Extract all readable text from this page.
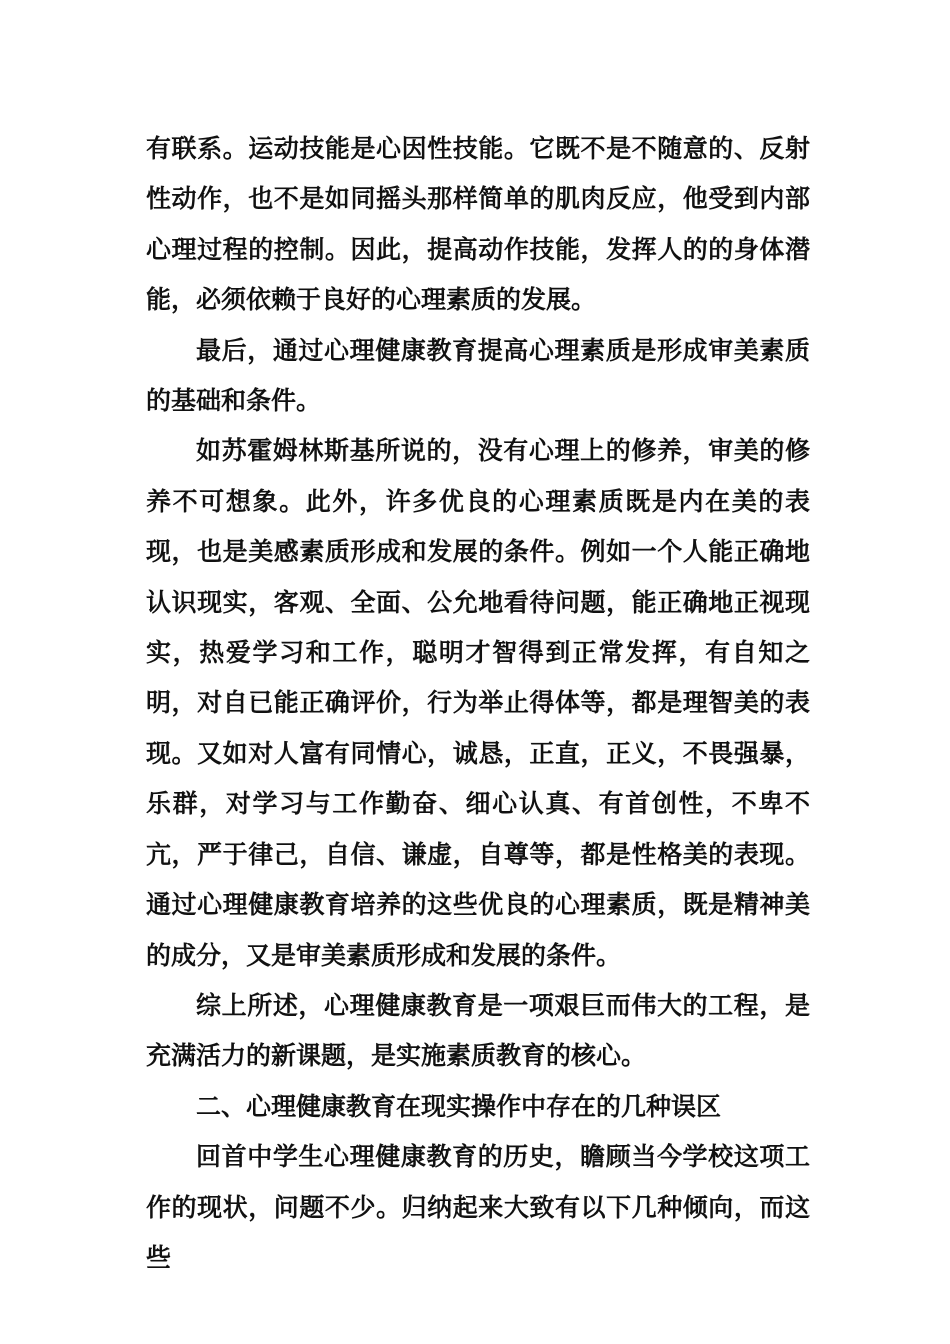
有联系。运动技能是心因性技能。它既不是不随意的、反射性动作，也不是如同摇头那样简单的肌肉反应，他受到内部心理过程的控制。因此，提高动作技能，发挥人的的身体潜能，必须依赖于良好的心理素质的发展。

最后，通过心理健康教育提高心理素质是形成审美素质的基础和条件。

如苏霍姆林斯基所说的，没有心理上的修养，审美的修养不可想象。此外，许多优良的心理素质既是内在美的表现，也是美感素质形成和发展的条件。例如一个人能正确地认识现实，客观、全面、公允地看待问题，能正确地正视现实，热爱学习和工作，聪明才智得到正常发挥，有自知之明，对自已能正确评价，行为举止得体等，都是理智美的表现。又如对人富有同情心，诚恳，正直，正义，不畏强暴，乐群，对学习与工作勤奋、细心认真、有首创性，不卑不亢，严于律己，自信、谦虚，自尊等，都是性格美的表现。通过心理健康教育培养的这些优良的心理素质，既是精神美的成分，又是审美素质形成和发展的条件。

综上所述，心理健康教育是一项艰巨而伟大的工程，是充满活力的新课题，是实施素质教育的核心。

二、心理健康教育在现实操作中存在的几种误区

回首中学生心理健康教育的历史，瞻顾当今学校这项工作的现状，问题不少。归纳起来大致有以下几种倾向，而这些
